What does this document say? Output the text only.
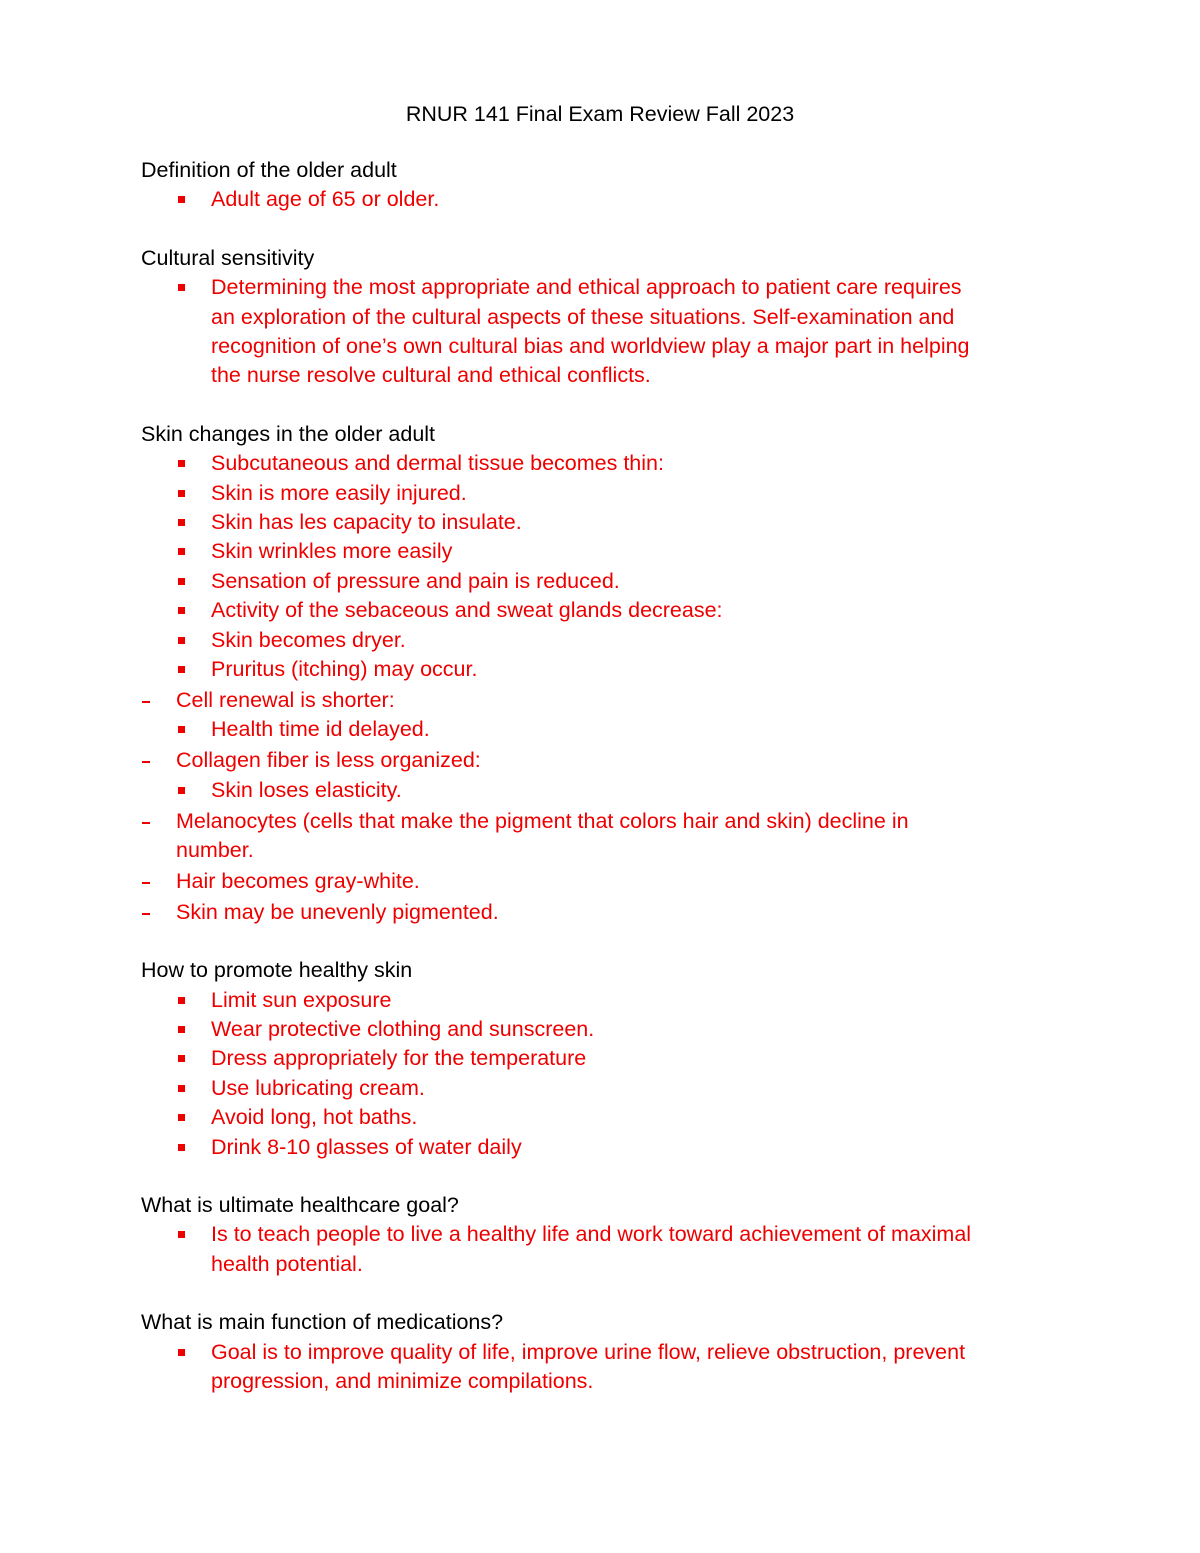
RNUR 141 Final Exam Review Fall 2023
Definition of the older adult
Adult age of 65 or older.
Cultural sensitivity
Determining the most appropriate and ethical approach to patient care requires
an exploration of the cultural aspects of these situations. Self-examination and
recognition of one’s own cultural bias and worldview play a major part in helping
the nurse resolve cultural and ethical conflicts.
Skin changes in the older adult
Subcutaneous and dermal tissue becomes thin:
Skin is more easily injured.
Skin has les capacity to insulate.
Skin wrinkles more easily
Sensation of pressure and pain is reduced.
Activity of the sebaceous and sweat glands decrease:
Skin becomes dryer.
Pruritus (itching) may occur.
Cell renewal is shorter:
Health time id delayed.
Collagen fiber is less organized:
Skin loses elasticity.
Melanocytes (cells that make the pigment that colors hair and skin) decline in
number.
Hair becomes gray-white.
Skin may be unevenly pigmented.
How to promote healthy skin
Limit sun exposure
Wear protective clothing and sunscreen.
Dress appropriately for the temperature
Use lubricating cream.
Avoid long, hot baths.
Drink 8-10 glasses of water daily
What is ultimate healthcare goal?
Is to teach people to live a healthy life and work toward achievement of maximal
health potential.
What is main function of medications?
Goal is to improve quality of life, improve urine flow, relieve obstruction, prevent
progression, and minimize compilations.
